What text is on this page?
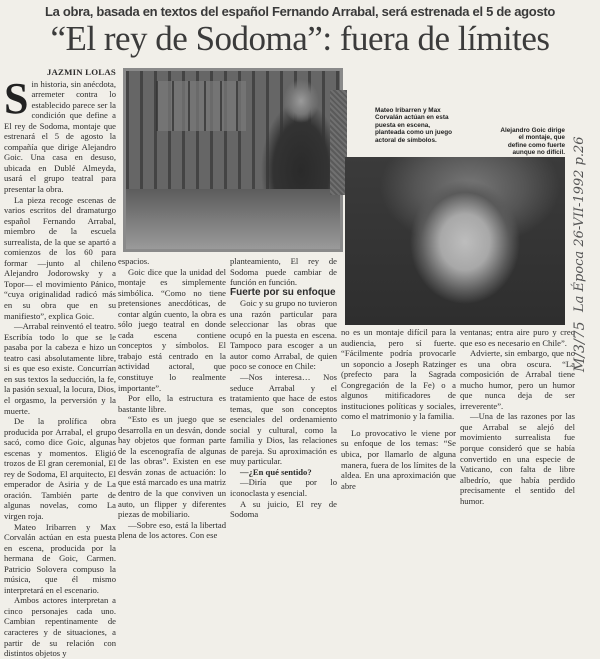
La obra, basada en textos del español Fernando Arrabal, será estrenada el 5 de agosto
“El rey de Sodoma”: fuera de límites
Mateo Iribarren y Max Corvalán actúan en esta puesta en escena, planteada como un juego actoral de símbolos.
Alejandro Goic dirige el montaje, que define como fuerte aunque no difícil.
JAZMIN LOLAS
S in historia, sin anécdota, arremeter contra lo establecido parece ser la condición que define a El rey de Sodoma, montaje que estrenará el 5 de agosto la compañía que dirige Alejandro Goic. Una casa en desuso, ubicada en Dublé Almeyda, usará el grupo teatral para presentar la obra.

La pieza recoge escenas de varios escritos del dramaturgo español Fernando Arrabal, miembro de la escuela surrealista, de la que se apartó a comienzos de los 60 para formar —junto al chileno Alejandro Jodorowsky y a Topor— el movimiento Pánico, “cuya originalidad radicó más en su obra que en su manifiesto”, explica Goic.

—Arrabal reinventó el teatro. Escribía todo lo que se le pasaba por la cabeza e hizo un teatro casi absolutamente libre, si es que eso existe. Concurrían en sus textos la seducción, la fe, la pasión sexual, la locura, Dios, el orgasmo, la perversión y la muerte.

De la prolífica obra producida por Arrabal, el grupo sacó, como dice Goic, algunas escenas y momentos. Eligió trozos de El gran ceremonial, El rey de Sodoma, El arquitecto, El emperador de Asiria y de La oración. También parte de algunas novelas, como La virgen roja.

Mateo Iribarren y Max Corvalán actúan en esta puesta en escena, producida por la hermana de Goic, Carmen. Patricio Solovera compuso la música, que él mismo interpretará en el escenario.

Ambos actores interpretan a cinco personajes cada uno. Cambian repentinamente de caracteres y de situaciones, a partir de su relación con distintos objetos y

espacios.

Goic dice que la unidad del montaje es simplemente simbólica. “Como no tiene pretensiones anecdóticas, de contar algún cuento, la obra es sólo juego teatral en donde cada escena contiene conceptos y símbolos. El trabajo está centrado en la actividad actoral, que constituye lo realmente importante”.

Por ello, la estructura es bastante libre.

“Esto es un juego que se desarrolla en un desván, donde hay objetos que forman parte de la escenografía de algunas de las obras”. Existen en ese desván zonas de actuación: lo que está marcado es una matriz dentro de la que conviven un auto, un flipper y diferentes piezas de mobiliario.

—Sobre eso, está la libertad plena de los actores. Con ese

planteamiento, El rey de Sodoma puede cambiar de función en función.

Fuerte por su enfoque

Goic y su grupo no tuvieron una razón particular para seleccionar las obras que ocupó en la puesta en escena. Tampoco para escoger a un autor como Arrabal, de quien poco se conoce en Chile:

—Nos interesa… Nos seduce Arrabal y el tratamiento que hace de estos temas, que son conceptos esenciales del ordenamiento social y cultural, como la familia y Dios, las relaciones de pareja. Su aproximación es muy particular.

—¿En qué sentido?

—Diría que por lo iconoclasta y esencial.

A su juicio, El rey de Sodoma

no es un montaje difícil para la audiencia, pero sí fuerte. “Fácilmente podría provocarle un soponcio a Joseph Ratzinger (prefecto para la Sagrada Congregación de la Fe) o a algunos mitificadores de instituciones políticas y sociales, como el matrimonio y la familia.

Lo provocativo le viene por su enfoque de los temas: “Se ubica, por llamarlo de alguna manera, fuera de los límites de la aldea. En una aproximación que abre

ventanas; entra aire puro y creo que eso es necesario en Chile”.

Advierte, sin embargo, que no es una obra oscura. “La composición de Arrabal tiene mucho humor, pero un humor que nunca deja de ser irreverente”.

—Una de las razones por las que Arrabal se alejó del movimiento surrealista fue porque consideró que se había convertido en una especie de Vaticano, con falta de libre albedrío, que había perdido precisamente el sentido del humor.

La Época 26-VII-1992 p.26
M/3/75
